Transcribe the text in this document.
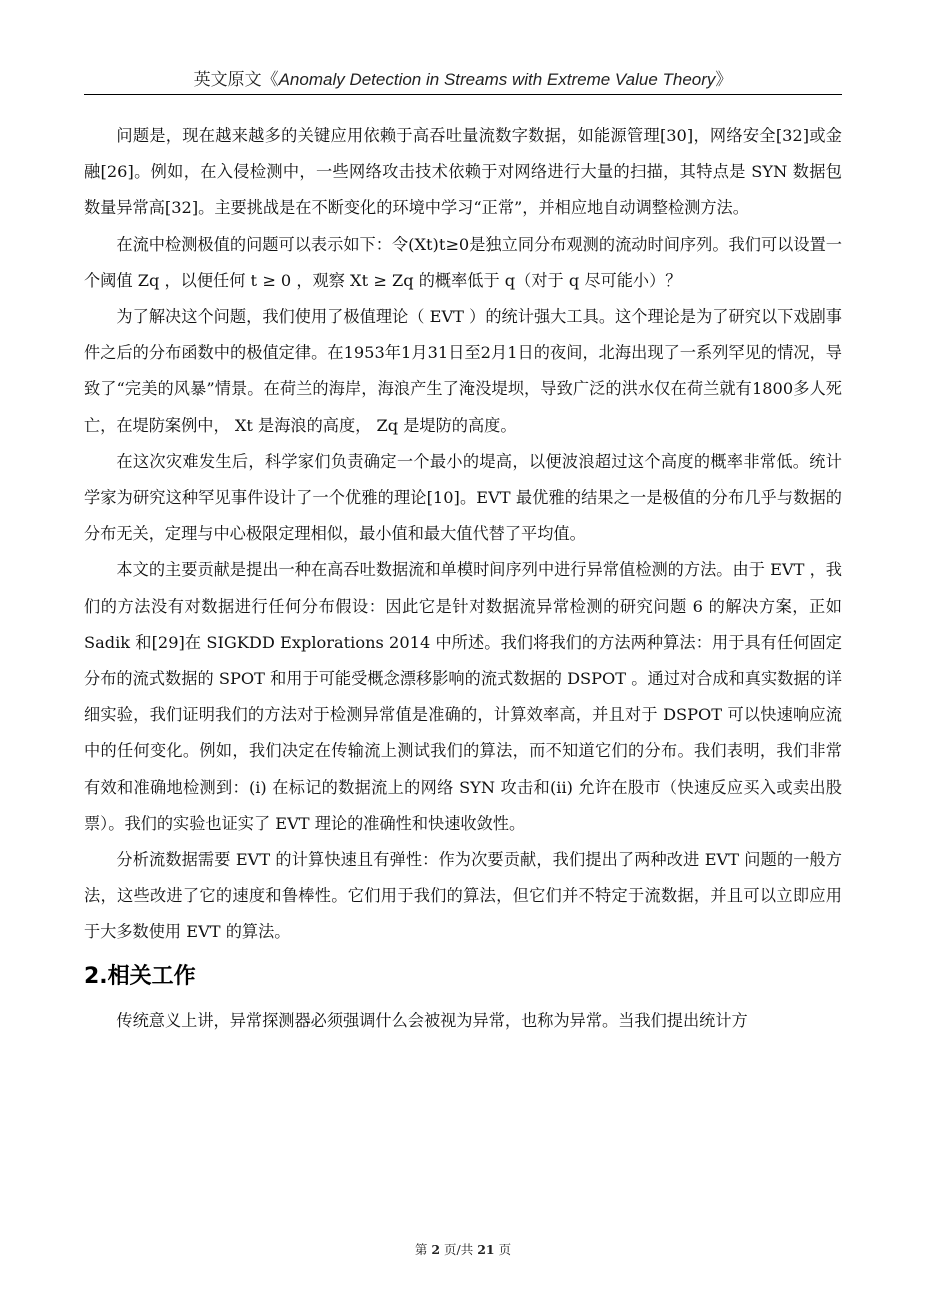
英文原文《Anomaly Detection in Streams with Extreme Value Theory》

问题是，现在越来越多的关键应用依赖于高吞吐量流数字数据，如能源管理[30]，网络安全[32]或金融[26]。例如，在入侵检测中，一些网络攻击技术依赖于对网络进行大量的扫描，其特点是 SYN 数据包数量异常高[32]。主要挑战是在不断变化的环境中学习“正常”，并相应地自动调整检测方法。

在流中检测极值的问题可以表示如下：令(Xt)t≥0是独立同分布观测的流动时间序列。我们可以设置一个阈值 Zq ，以便任何 t ≥ 0 ，观察 Xt ≥ Zq 的概率低于 q（对于 q 尽可能小）？

为了解决这个问题，我们使用了极值理论（ EVT ）的统计强大工具。这个理论是为了研究以下戏剧事件之后的分布函数中的极值定律。在1953年1月31日至2月1日的夜间，北海出现了一系列罕见的情况，导致了“完美的风暴”情景。在荷兰的海岸，海浪产生了淹没堤坝，导致广泛的洪水仅在荷兰就有1800多人死亡，在堤防案例中， Xt 是海浪的高度， Zq 是堤防的高度。

在这次灾难发生后，科学家们负责确定一个最小的堤高，以便波浪超过这个高度的概率非常低。统计学家为研究这种罕见事件设计了一个优雅的理论[10]。EVT 最优雅的结果之一是极值的分布几乎与数据的分布无关，定理与中心极限定理相似，最小值和最大值代替了平均值。

本文的主要贡献是提出一种在高吞吐数据流和单模时间序列中进行异常值检测的方法。由于 EVT ，我们的方法没有对数据进行任何分布假设：因此它是针对数据流异常检测的研究问题 6 的解决方案，正如 Sadik 和[29]在 SIGKDD Explorations 2014 中所述。我们将我们的方法两种算法：用于具有任何固定分布的流式数据的 SPOT 和用于可能受概念漂移影响的流式数据的 DSPOT 。通过对合成和真实数据的详细实验，我们证明我们的方法对于检测异常值是准确的，计算效率高，并且对于 DSPOT 可以快速响应流中的任何变化。例如，我们决定在传输流上测试我们的算法，而不知道它们的分布。我们表明，我们非常有效和准确地检测到：(i) 在标记的数据流上的网络 SYN 攻击和(ii) 允许在股市（快速反应买入或卖出股票）。我们的实验也证实了 EVT 理论的准确性和快速收敛性。

分析流数据需要 EVT 的计算快速且有弹性：作为次要贡献，我们提出了两种改进 EVT 问题的一般方法，这些改进了它的速度和鲁棒性。它们用于我们的算法，但它们并不特定于流数据，并且可以立即应用于大多数使用 EVT 的算法。

2.相关工作

传统意义上讲，异常探测器必须强调什么会被视为异常，也称为异常。当我们提出统计方

第 2 页/共 21 页
